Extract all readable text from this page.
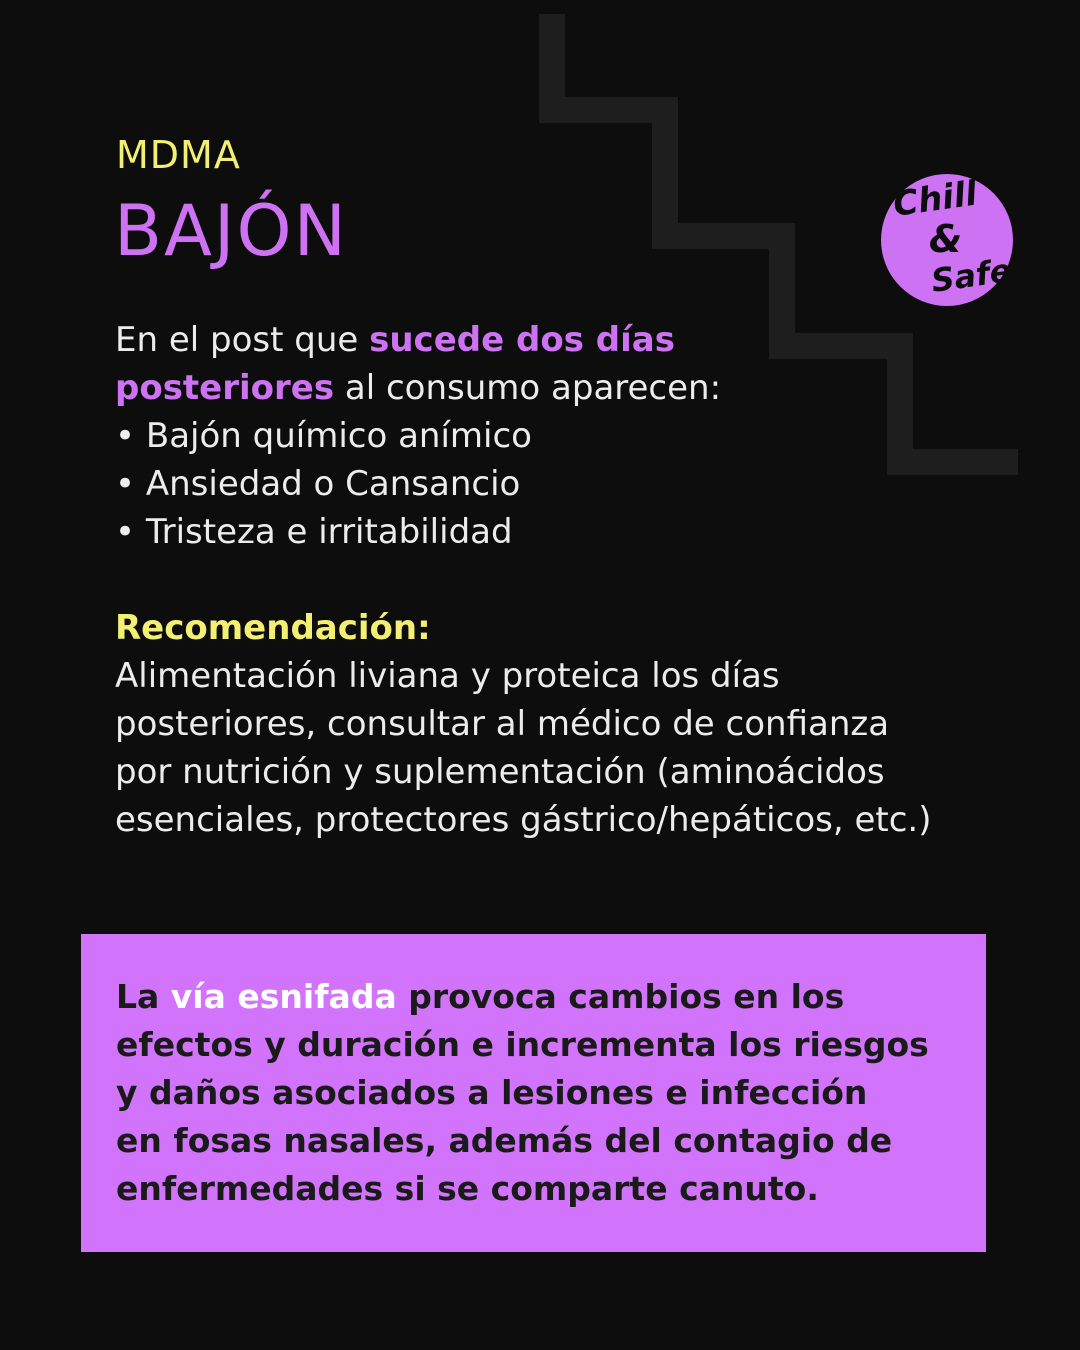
MDMA
BAJÓN	Chill
&
Safe
En el post que sucede dos días
posteriores al consumo aparecen:
• Bajón químico anímico
• Ansiedad o Cansancio
• Tristeza e irritabilidad
Recomendación:
Alimentación liviana y proteica los días
posteriores, consultar al médico de confianza
por nutrición y suplementación (aminoácidos
esenciales, protectores gástrico/hepáticos, etc.)
La vía esnifada provoca cambios en los
efectos y duración e incrementa los riesgos
y daños asociados a lesiones e infección
en fosas nasales, además del contagio de
enfermedades si se comparte canuto.
